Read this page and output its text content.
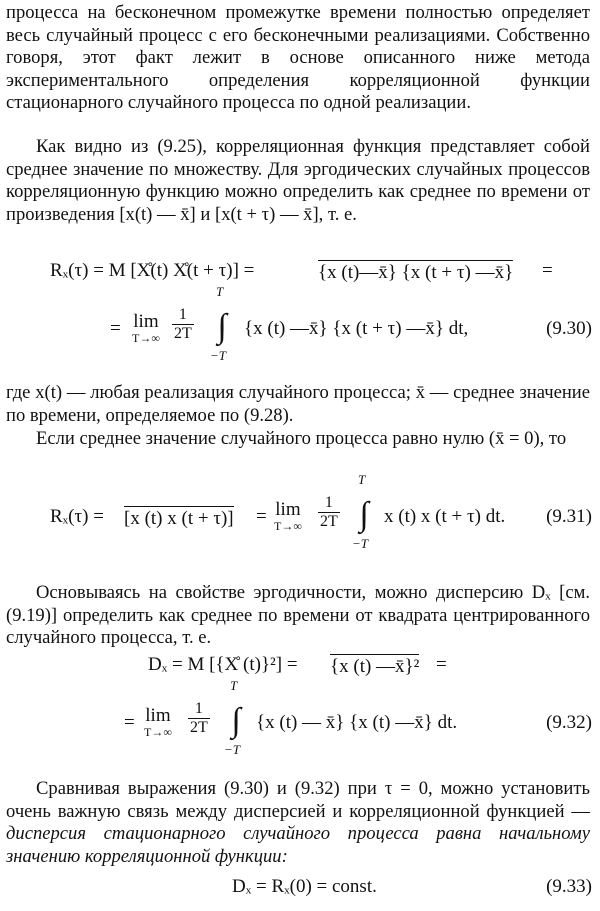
процесса на бесконечном промежутке времени полностью определяет весь случайный процесс с его бесконечными реализациями. Собственно говоря, этот факт лежит в основе описанного ниже метода экспериментального определения корреляционной функции стационарного случайного процесса по одной реализации.

Как видно из (9.25), корреляционная функция представляет собой среднее значение по множеству. Для эргодических случайных процессов корреляционную функцию можно определить как среднее по времени от произведения [x(t) — x̄] и [x(t + τ) — x̄], т. е.

Rₓ(τ) = M [X̊(t) X̊(t + τ)] =	{x (t)—x̄} {x (t + τ) —x̄} =
= lim
$T\to\infty \frac{1}{2T}$
T
∫
−T
{x (t) —x̄} {x (t + τ) —x̄} dt,	(9.30)

где x(t) — любая реализация случайного процесса; x̄ — среднее значение по времени, определяемое по (9.28).

Если среднее значение случайного процесса равно нулю (x̄ = 0), то

Rₓ(τ) = [x (t) x (t + τ)] = lim
$T\to\infty \frac{1}{2T}$
T
∫
−T
x (t) x (t + τ) dt. (9.31)

Основываясь на свойстве эргодичности, можно дисперсию Dₓ [см. (9.19)] определить как среднее по времени от квадрата центрированного случайного процесса, т. е.

Dₓ = M [{X̊ (t)}²] = {x (t) —x̄}² =
= lim
$T\to\infty \frac{1}{2T}$
T
∫
−T
{x (t) — x̄} {x (t) —x̄} dt.	(9.32)

Сравнивая выражения (9.30) и (9.32) при τ = 0, можно установить очень важную связь между дисперсией и корреляционной функцией — дисперсия стационарного случайного процесса равна начальному значению корреляционной функции:

Dₓ = Rₓ(0) = const.	(9.33)
